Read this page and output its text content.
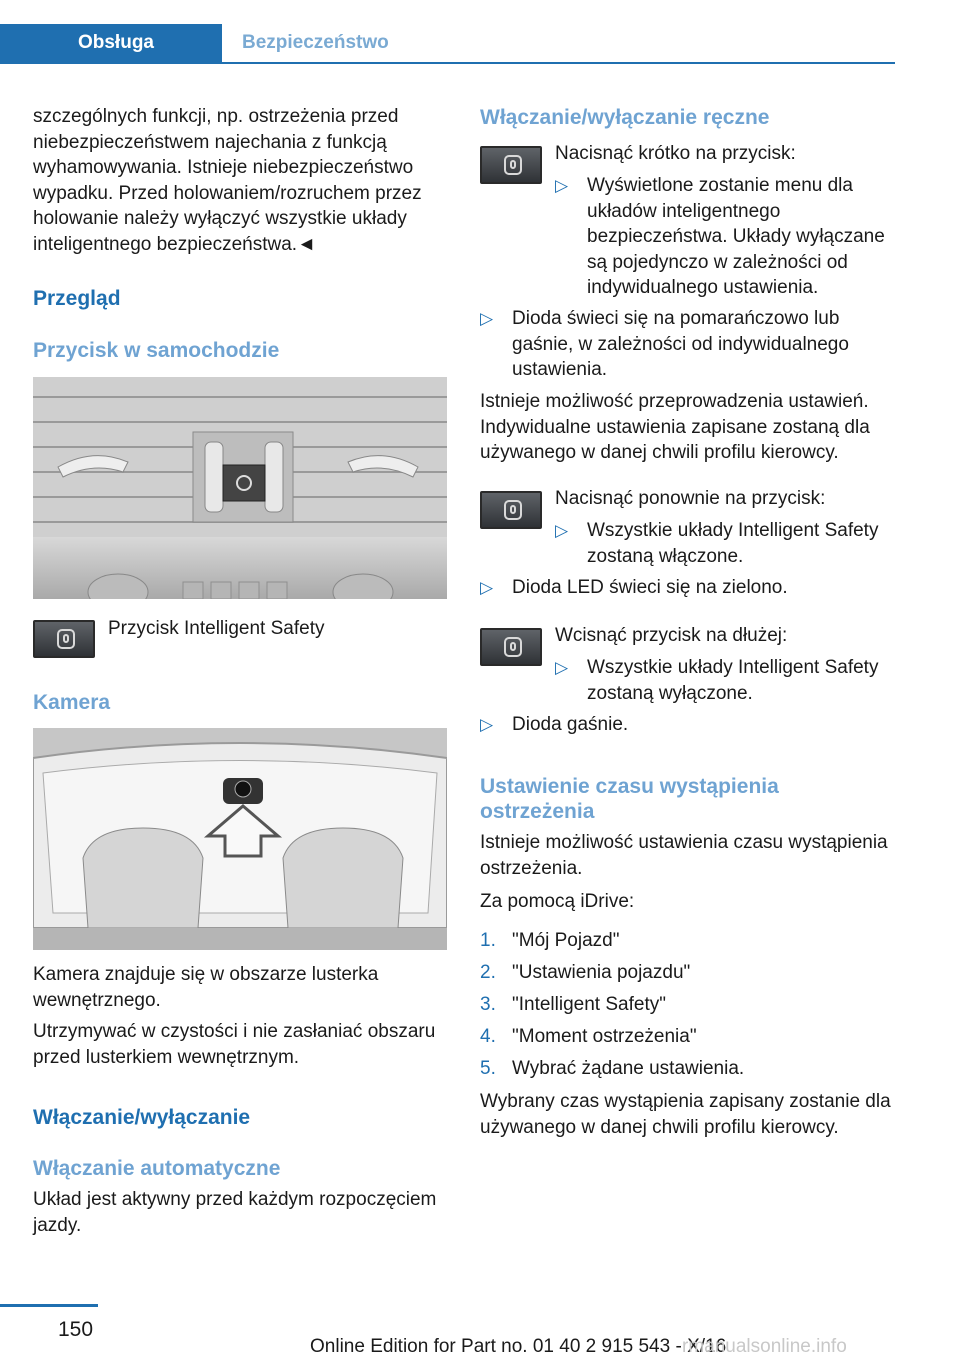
Obsługa	Bezpieczeństwo

szczególnych funkcji, np. ostrzeżenia przed niebezpieczeństwem najechania z funkcją wyhamowywania. Istnieje niebezpieczeństwo wypadku. Przed holowaniem/rozruchem przez holowanie należy wyłączyć wszystkie układy inteligentnego bezpieczeństwa.◄

Przegląd
Przycisk w samochodzie

Przycisk Intelligent Safety

Kamera

Kamera znajduje się w obszarze lusterka wewnętrznego.

Utrzymywać w czystości i nie zasłaniać obszaru przed lusterkiem wewnętrznym.

Włączanie/wyłączanie
Włączanie automatyczne

Układ jest aktywny przed każdym rozpoczęciem jazdy.

Włączanie/wyłączanie ręczne

Nacisnąć krótko na przycisk:

▷ Wyświetlone zostanie menu dla układów inteligentnego bezpieczeństwa. Układy wyłączane są pojedynczo w zależności od indywidualnego ustawienia.
▷ Dioda świeci się na pomarańczowo lub gaśnie, w zależności od indywidualnego ustawienia.

Istnieje możliwość przeprowadzenia ustawień. Indywidualne ustawienia zapisane zostaną dla używanego w danej chwili profilu kierowcy.

Nacisnąć ponownie na przycisk:

▷ Wszystkie układy Intelligent Safety zostaną włączone.
▷ Dioda LED świeci się na zielono.

Wcisnąć przycisk na dłużej:

▷ Wszystkie układy Intelligent Safety zostaną wyłączone.
▷ Dioda gaśnie.
Ustawienie czasu wystąpienia ostrzeżenia

Istnieje możliwość ustawienia czasu wystąpienia ostrzeżenia.

Za pomocą iDrive:

1. "Mój Pojazd"
2. "Ustawienia pojazdu"
3. "Intelligent Safety"
4. "Moment ostrzeżenia"
5. Wybrać żądane ustawienia.

Wybrany czas wystąpienia zapisany zostanie dla używanego w danej chwili profilu kierowcy.

150
Online Edition for Part no. 01 40 2 915 543 - X/16
rmanualsonline.info
